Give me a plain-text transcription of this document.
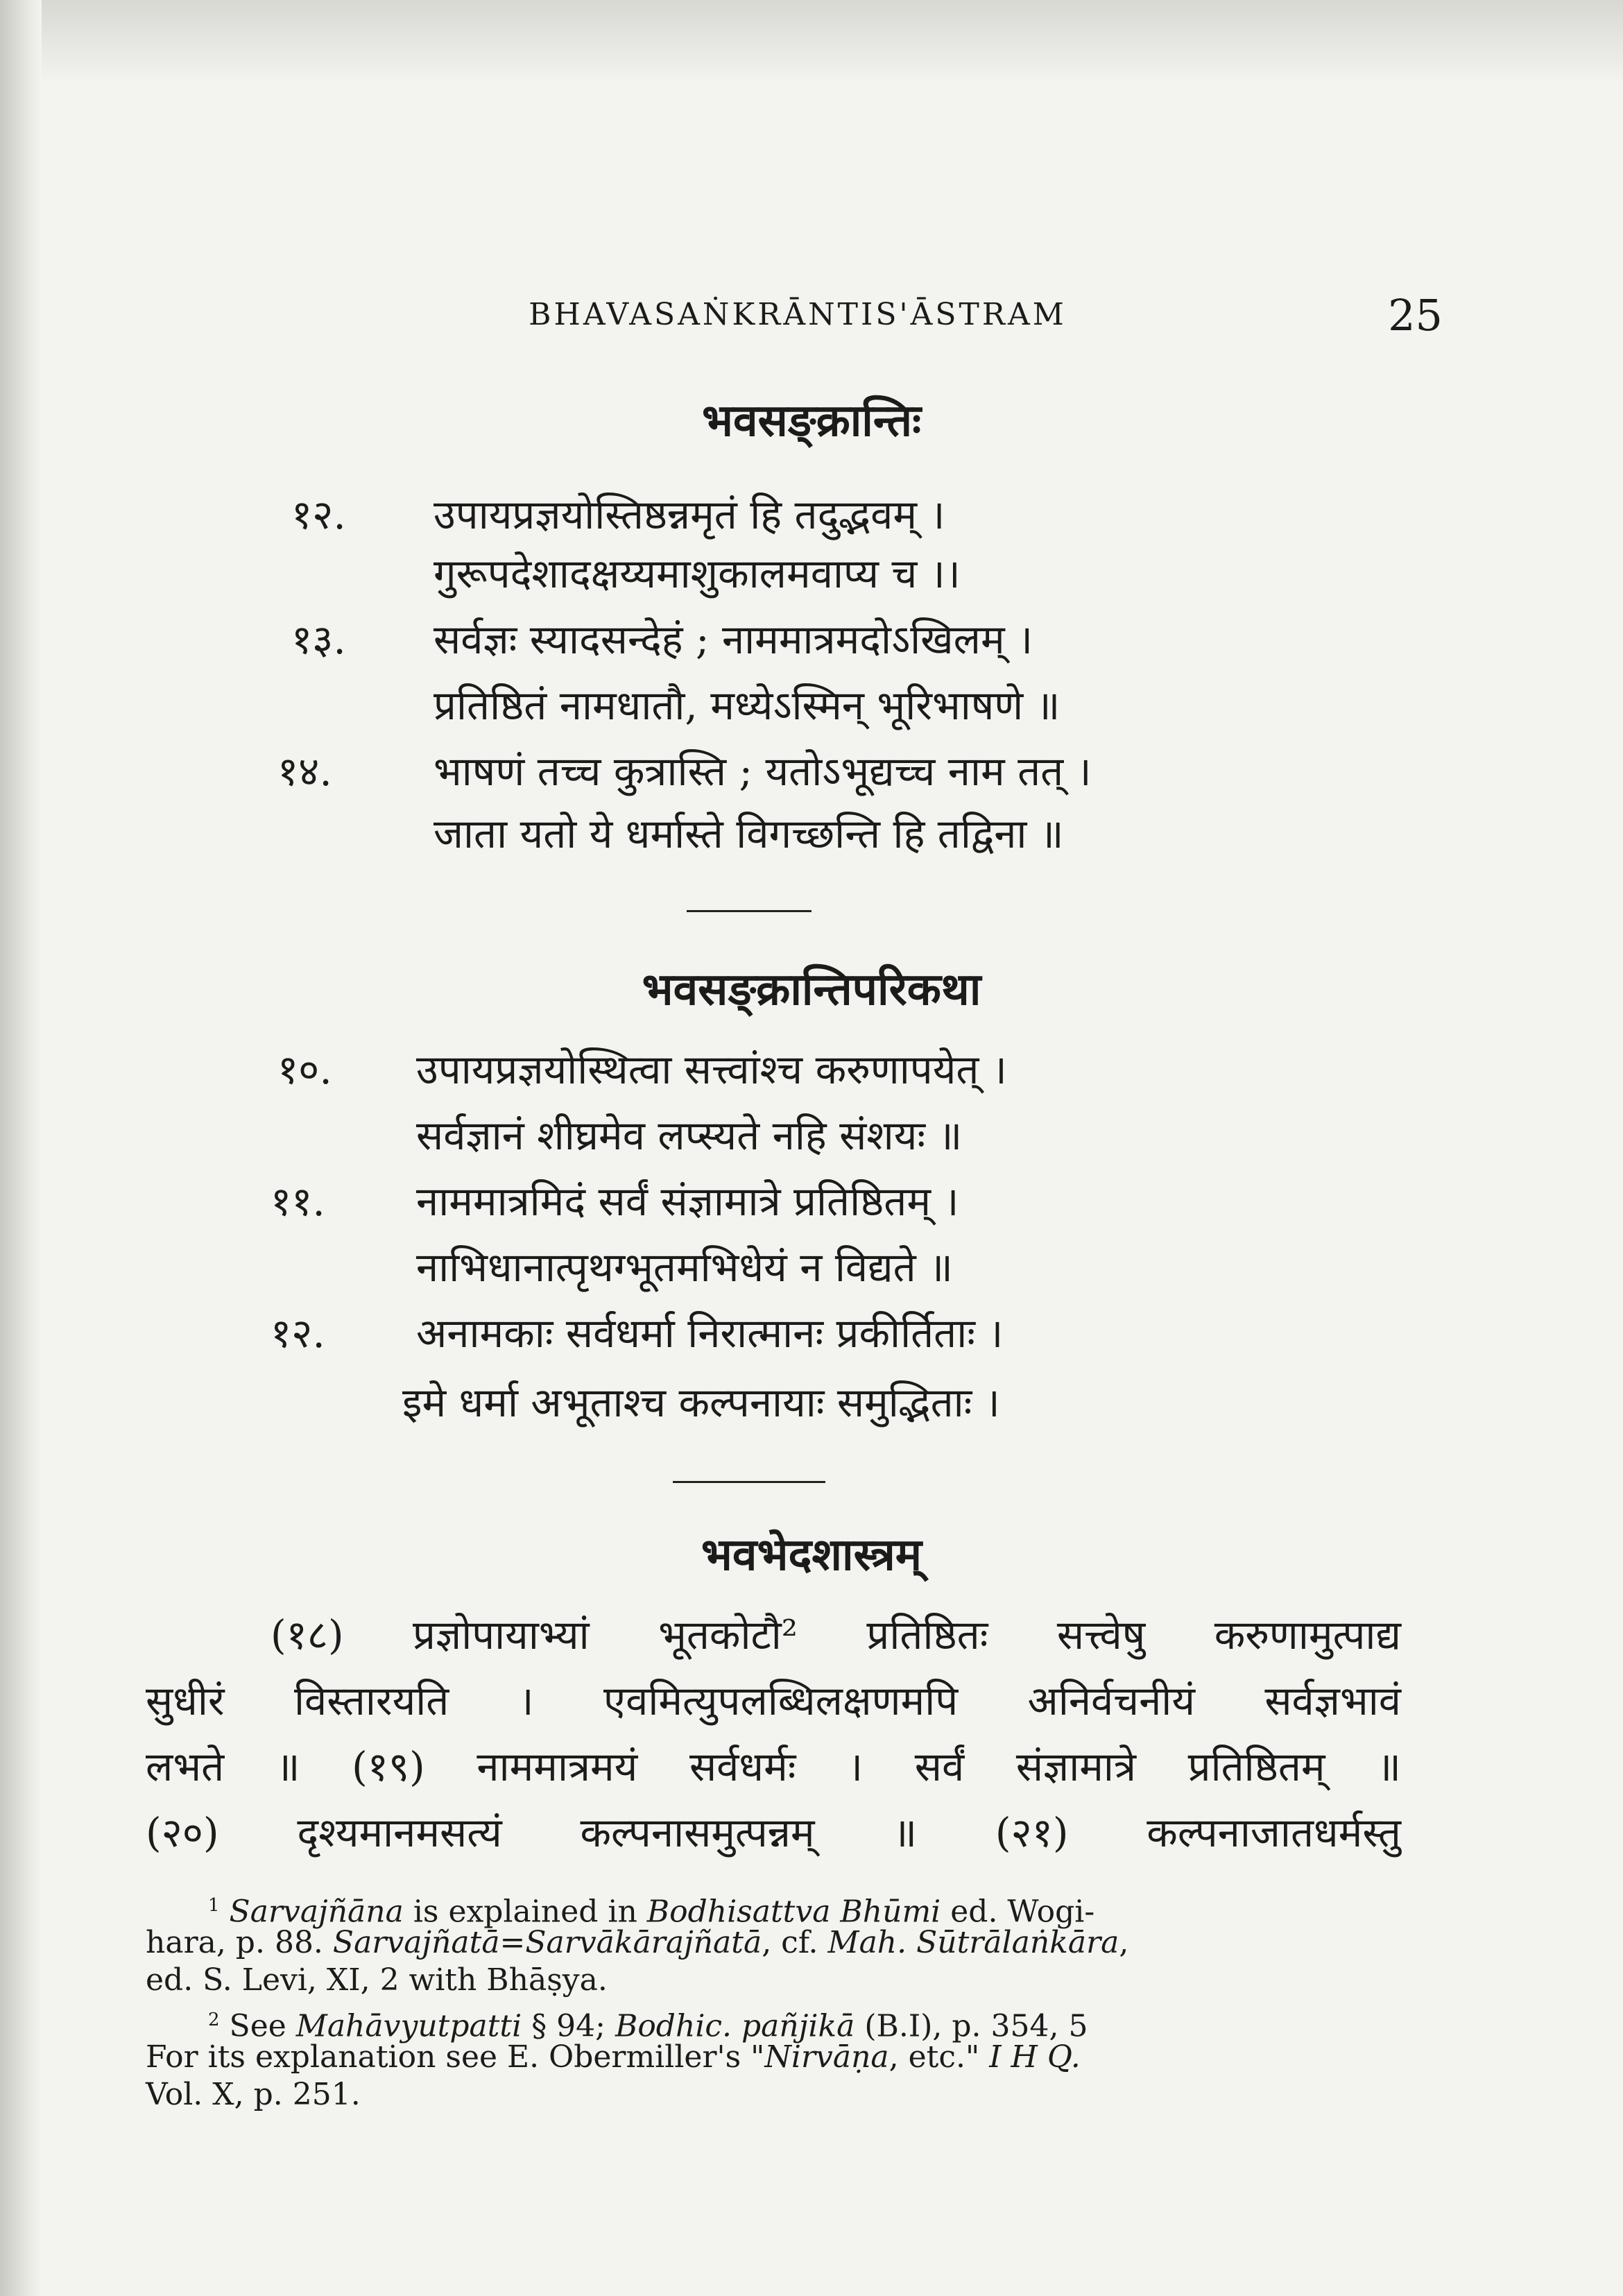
BHAVASAṄKRĀNTIS'ĀSTRAM	25
भवसङ्क्रान्तिः
१२.	उपायप्रज्ञयोस्तिष्ठन्नमृतं हि तदुद्भवम् ।
गुरूपदेशादक्षय्यमाशुकालमवाप्य च ।।
१३.	सर्वज्ञः स्यादसन्देहं ; नाममात्रमदोऽखिलम् ।
प्रतिष्ठितं नामधातौ, मध्येऽस्मिन् भूरिभाषणे ॥
१४.	भाषणं तच्च कुत्रास्ति ; यतोऽभूद्यच्च नाम तत् ।
जाता यतो ये धर्मास्ते विगच्छन्ति हि तद्विना ॥
भवसङ्क्रान्तिपरिकथा
१०.	उपायप्रज्ञयोस्थित्वा सत्त्वांश्च करुणापयेत् ।
सर्वज्ञानं शीघ्रमेव लप्स्यते नहि संशयः ॥
११.	नाममात्रमिदं सर्वं संज्ञामात्रे प्रतिष्ठितम् ।
नाभिधानात्पृथग्भूतमभिधेयं न विद्यते ॥
१२.	अनामकाः सर्वधर्मा निरात्मानः प्रकीर्तिताः ।
इमे धर्मा अभूताश्च कल्पनायाः समुद्भिताः ।
भवभेदशास्त्रम्
(१८) प्रज्ञोपायाभ्यां भूतकोटौ² प्रतिष्ठितः सत्त्वेषु करुणामुत्पाद्य
सुधीरं विस्तारयति । एवमित्युपलब्धिलक्षणमपि अनिर्वचनीयं सर्वज्ञभावं
लभते ॥ (१९) नाममात्रमयं सर्वधर्मः । सर्वं संज्ञामात्रे प्रतिष्ठितम् ॥
(२०) दृश्यमानमसत्यं कल्पनासमुत्पन्नम् ॥ (२१) कल्पनाजातधर्मस्तु
$^1$ Sarvajñāna is explained in Bodhisattva Bhūmi ed. Wogi-
hara, p. 88. Sarvajñatā=Sarvākārajñatā, cf. Mah. Sūtrālaṅkāra,
ed. S. Levi, XI, 2 with Bhāṣya.
$^2$ See Mahāvyutpatti § 94; Bodhic. pañjikā (B.I), p. 354, 5
For its explanation see E. Obermiller's "Nirvāṇa, etc." I H Q.
Vol. X, p. 251.
